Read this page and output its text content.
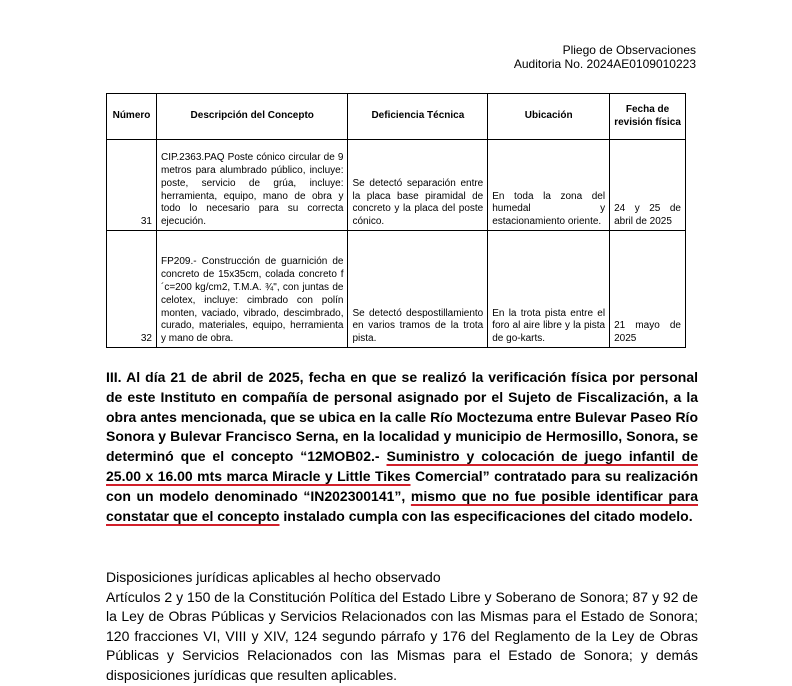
Pliego de Observaciones
Auditoria No. 2024AE0109010223
Número	Descripción del Concepto	Deficiencia Técnica	Ubicación	Fecha de revisión física
31	CIP.2363.PAQ Poste cónico circular de 9 metros para alumbrado público, incluye: poste, servicio de grúa, incluye: herramienta, equipo, mano de obra y todo lo necesario para su correcta ejecución.	Se detectó separación entre la placa base piramidal de concreto y la placa del poste cónico.	En toda la zona del humedal y estacionamiento oriente.	24 y 25 de abril de 2025
32	FP209.- Construcción de guarnición de concreto de 15x35cm, colada concreto f´c=200 kg/cm2, T.M.A. ¾", con juntas de celotex, incluye: cimbrado con polín monten, vaciado, vibrado, descimbrado, curado, materiales, equipo, herramienta y mano de obra.	Se detectó despostillamiento en varios tramos de la trota pista.	En la trota pista entre el foro al aire libre y la pista de go-karts.	21 mayo de 2025
III. Al día 21 de abril de 2025, fecha en que se realizó la verificación física por personal de este Instituto en compañía de personal asignado por el Sujeto de Fiscalización, a la obra antes mencionada, que se ubica en la calle Río Moctezuma entre Bulevar Paseo Río Sonora y Bulevar Francisco Serna, en la localidad y municipio de Hermosillo, Sonora, se determinó que el concepto “12MOB02.- Suministro y colocación de juego infantil de 25.00 x 16.00 mts marca Miracle y Little Tikes Comercial” contratado para su realización con un modelo denominado “IN202300141”, mismo que no fue posible identificar para constatar que el concepto instalado cumpla con las especificaciones del citado modelo.
Disposiciones jurídicas aplicables al hecho observado
Artículos 2 y 150 de la Constitución Política del Estado Libre y Soberano de Sonora; 87 y 92 de la Ley de Obras Públicas y Servicios Relacionados con las Mismas para el Estado de Sonora; 120 fracciones VI, VIII y XIV, 124 segundo párrafo y 176 del Reglamento de la Ley de Obras Públicas y Servicios Relacionados con las Mismas para el Estado de Sonora; y demás disposiciones jurídicas que resulten aplicables.
